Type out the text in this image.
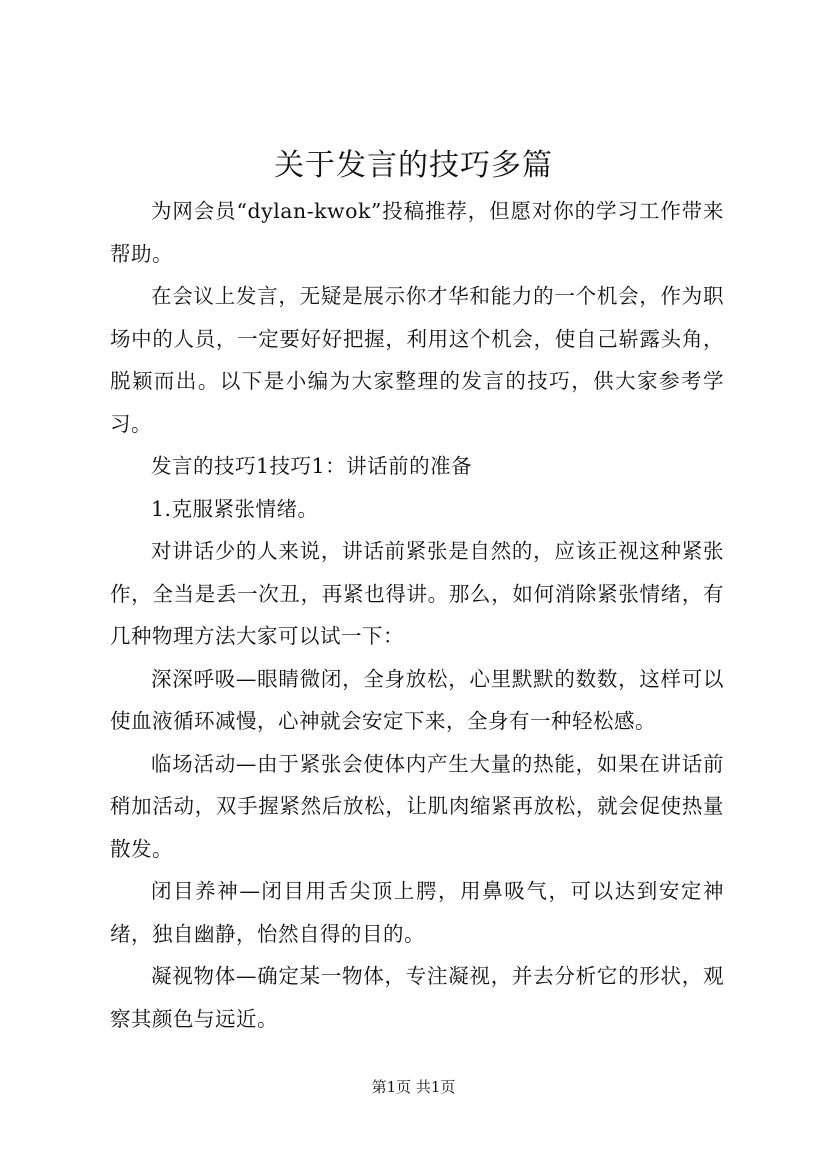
关于发言的技巧多篇

为网会员“dylan-kwok”投稿推荐，但愿对你的学习工作带来帮助。

在会议上发言，无疑是展示你才华和能力的一个机会，作为职场中的人员，一定要好好把握，利用这个机会，使自己崭露头角，脱颖而出。以下是小编为大家整理的发言的技巧，供大家参考学习。

发言的技巧1技巧1：讲话前的准备

1.克服紧张情绪。

对讲话少的人来说，讲话前紧张是自然的，应该正视这种紧张作，全当是丢一次丑，再紧也得讲。那么，如何消除紧张情绪，有几种物理方法大家可以试一下：

深深呼吸—眼睛微闭，全身放松，心里默默的数数，这样可以使血液循环减慢，心神就会安定下来，全身有一种轻松感。

临场活动—由于紧张会使体内产生大量的热能，如果在讲话前稍加活动，双手握紧然后放松，让肌肉缩紧再放松，就会促使热量散发。

闭目养神—闭目用舌尖顶上腭，用鼻吸气，可以达到安定神绪，独自幽静，怡然自得的目的。

凝视物体—确定某一物体，专注凝视，并去分析它的形状，观察其颜色与远近。

第1页 共1页
